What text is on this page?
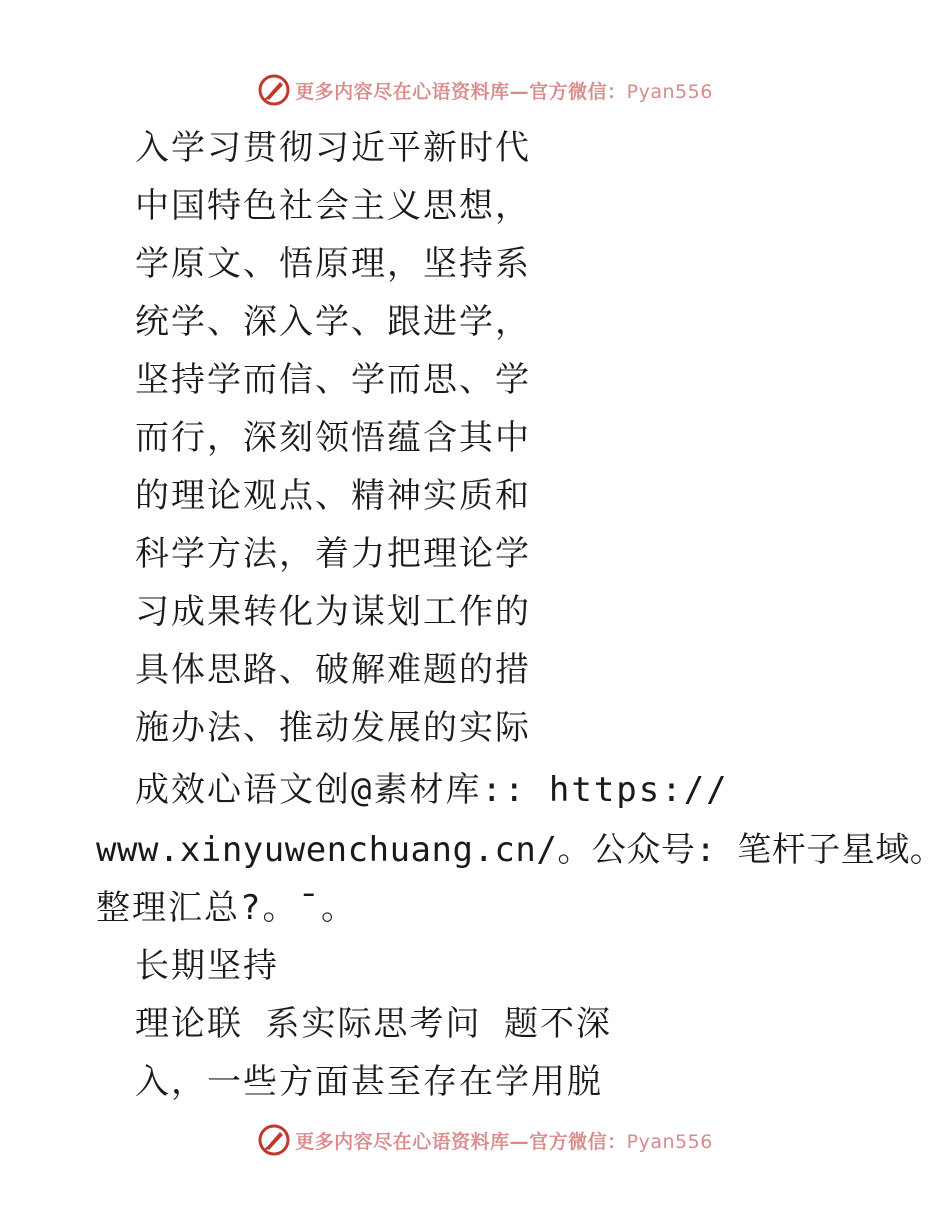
更多内容尽在心语资料库—官方微信：Pyan556
入学习贯彻习近平新时代
中国特色社会主义思想，
学原文、悟原理，坚持系
统学、深入学、跟进学，
坚持学而信、学而思、学
而行，深刻领悟蕴含其中
的理论观点、精神实质和
科学方法，着力把理论学
习成果转化为谋划工作的
具体思路、破解难题的措
施办法、推动发展的实际
成效心语文创@素材库:: https://
www.xinyuwenchuang.cn/。公众号: 笔杆子星域。
整理汇总?。¯。
长期坚持
理论联 系实际思考问 题不深
入，一些方面甚至存在学用脱
更多内容尽在心语资料库—官方微信：Pyan556
